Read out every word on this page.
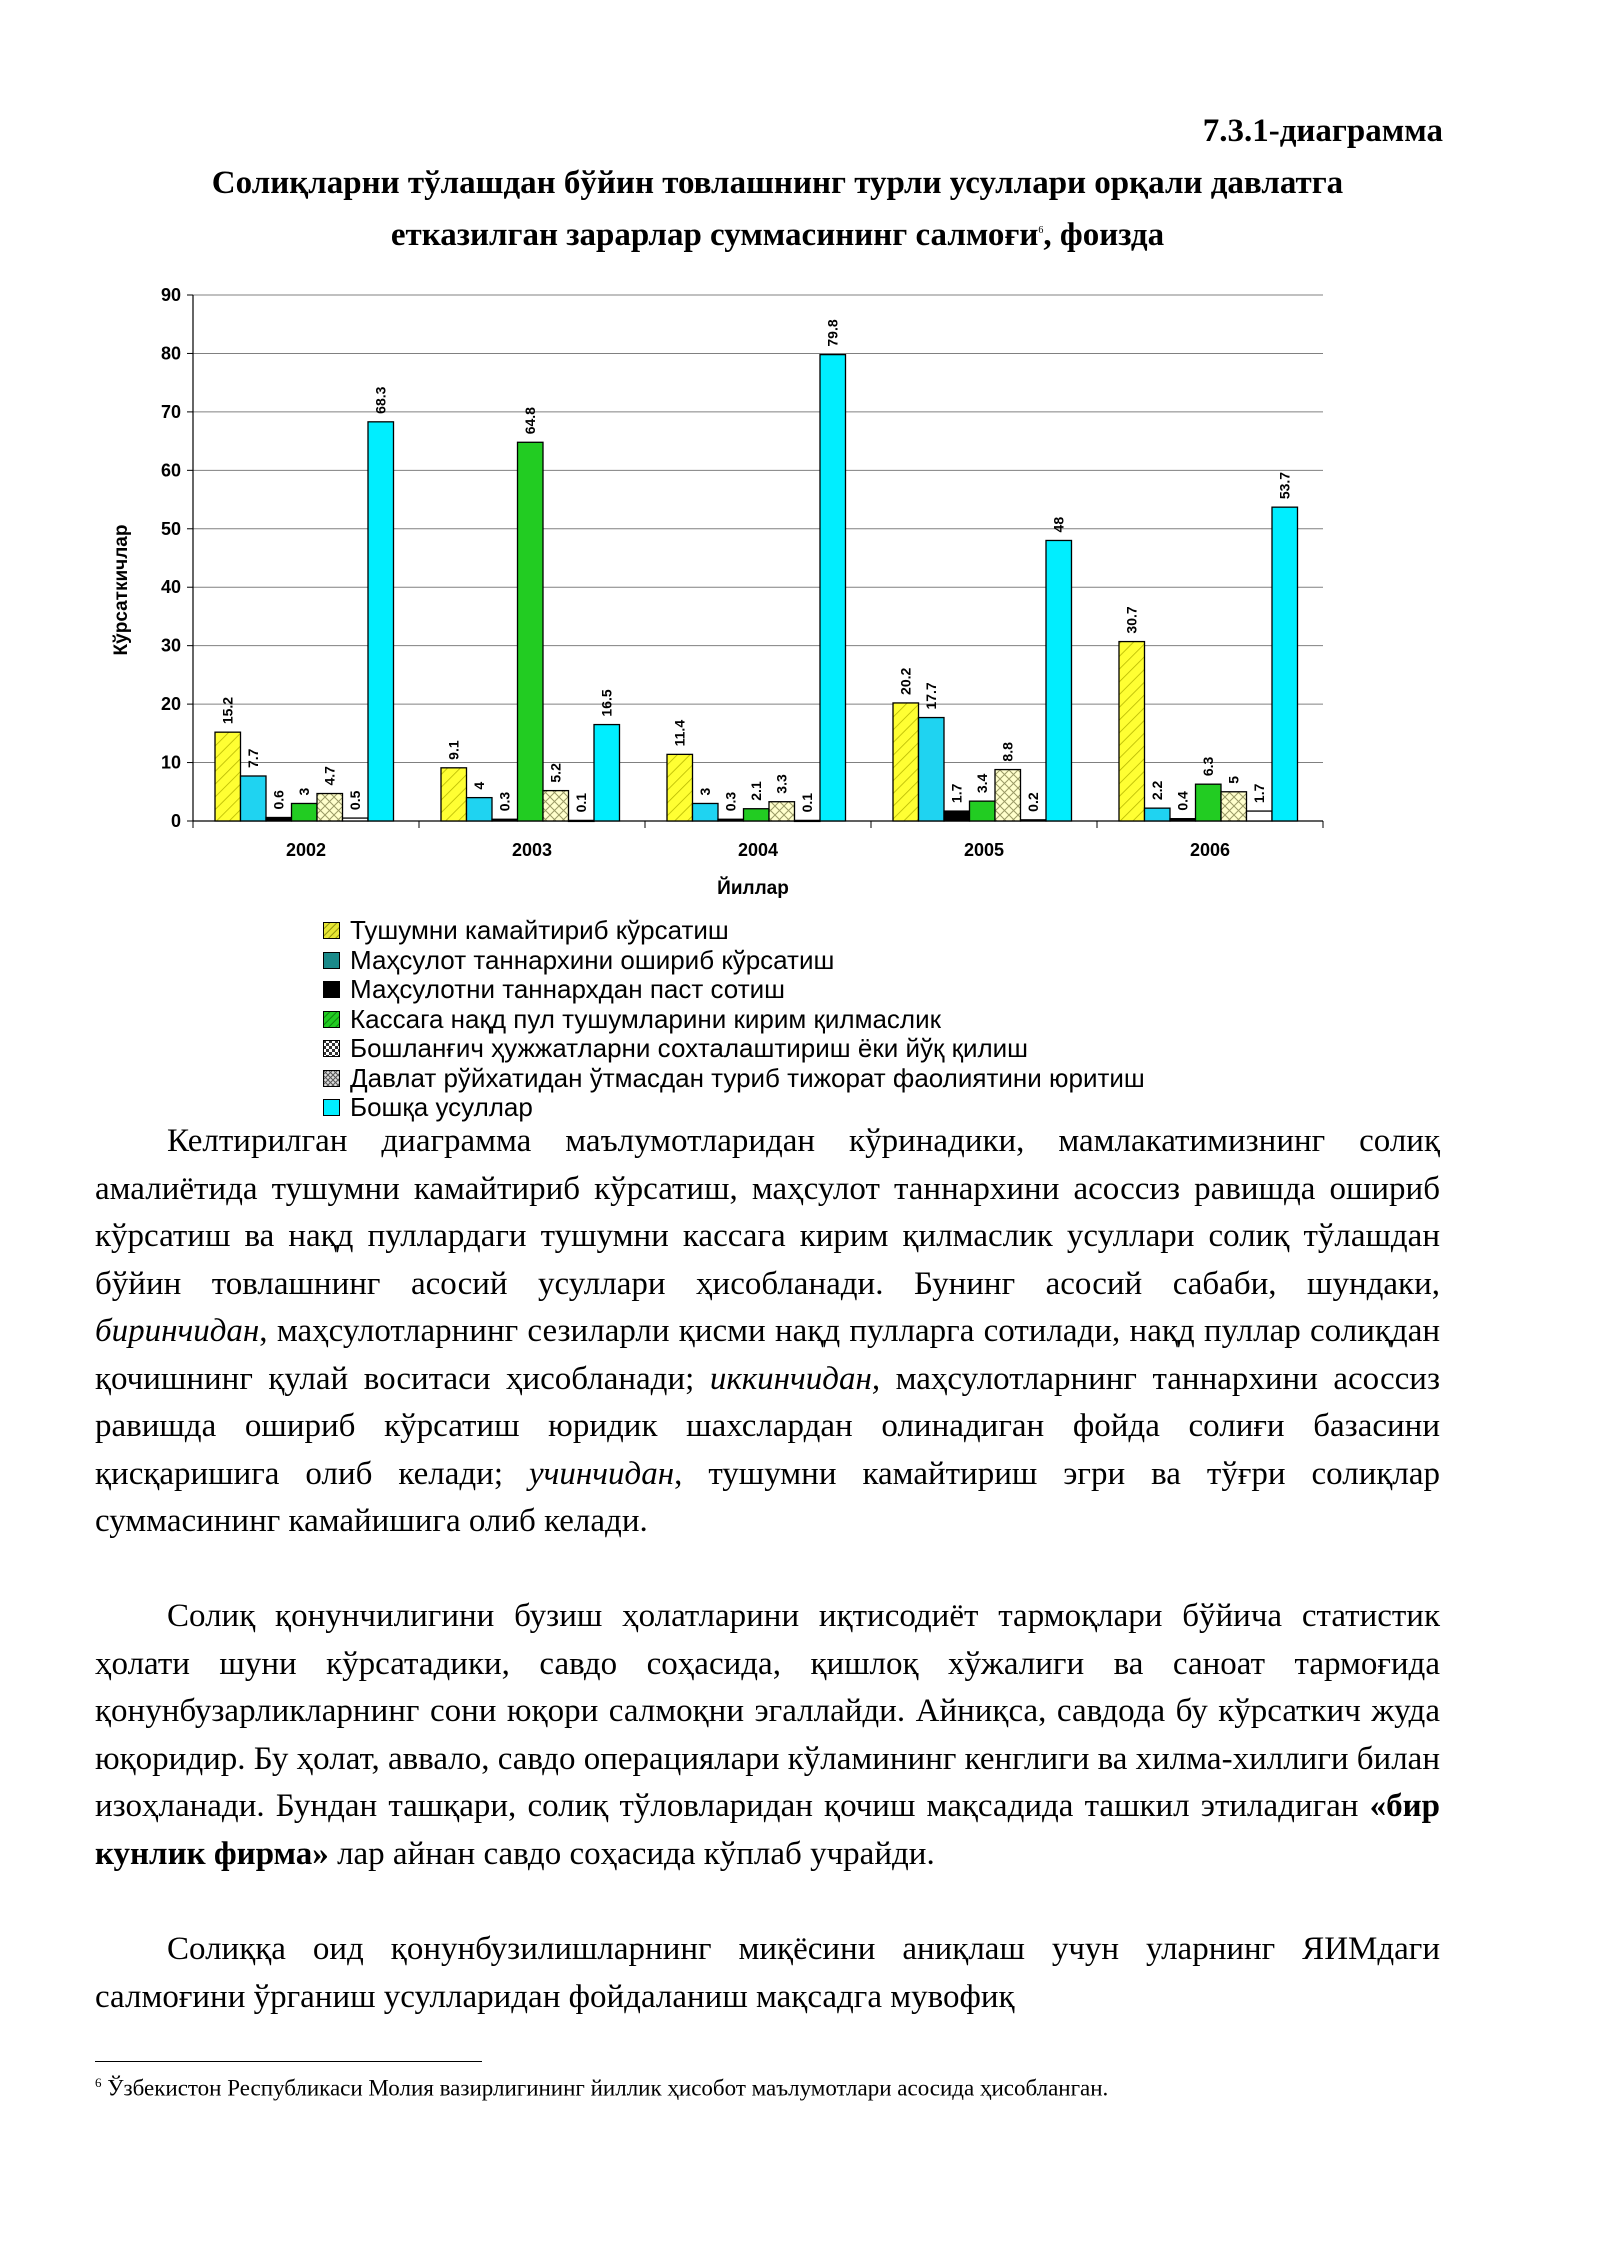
7.3.1-диаграмма
Солиқларни тўлашдан бўйин товлашнинг турли усуллари орқали давлатга
етказилган зарарлар суммасининг салмоғи$^6$, фоизда
0
10
20
30
40
50
60
70
80
90
2002	2003	2004	2005	2006
15.2
7.7
0.6 3
4.7
0.5
68.3
9.1
4
0.3
64.8
5.2
0.1
16.5
11.4
3
0.3
2.1 3.3
0.1
79.8
20.2
17.7
1.7
3.4
8.8
0.2
48
30.7
2.2
0.4
6.3
5
1.7
53.7
Кўрсаткичлар
Йиллар
Тушумни камайтириб кўрсатиш
Маҳсулот таннархини ошириб кўрсатиш
Маҳсулотни таннархдан паст сотиш
Кассага нақд пул тушумларини кирим қилмаслик
Бошланғич ҳужжатларни сохталаштириш ёки йўқ қилиш
Давлат рўйхатидан ўтмасдан туриб тижорат фаолиятини юритиш
Бошқа усуллар

Келтирилган диаграмма маълумотларидан кўринадики, мамлакатимизнинг солиқ амалиётида тушумни камайтириб кўрсатиш, маҳсулот таннархини асоссиз равишда ошириб кўрсатиш ва нақд пуллардаги тушумни кассага кирим қилмаслик усуллари солиқ тўлашдан бўйин товлашнинг асосий усуллари ҳисобланади. Бунинг асосий сабаби, шундаки, биринчидан, маҳсулотларнинг сезиларли қисми нақд пулларга сотилади, нақд пуллар солиқдан қочишнинг қулай воситаси ҳисобланади; иккинчидан, маҳсулотларнинг таннархини асоссиз равишда ошириб кўрсатиш юридик шахслардан олинадиган фойда солиғи базасини қисқаришига олиб келади; учинчидан, тушумни камайтириш эгри ва тўғри солиқлар суммасининг камайишига олиб келади.

Солиқ қонунчилигини бузиш ҳолатларини иқтисодиёт тармоқлари бўйича статистик ҳолати шуни кўрсатадики, савдо соҳасида, қишлоқ хўжалиги ва саноат тармоғида қонунбузарликларнинг сони юқори салмоқни эгаллайди. Айниқса, савдода бу кўрсаткич жуда юқоридир. Бу ҳолат, аввало, савдо операциялари кўламининг кенглиги ва хилма-хиллиги билан изоҳланади. Бундан ташқари, солиқ тўловларидан қочиш мақсадида ташкил этиладиган «бир кунлик фирма» лар айнан савдо соҳасида кўплаб учрайди.

Солиққа оид қонунбузилишларнинг миқёсини аниқлаш учун уларнинг ЯИМдаги салмоғини ўрганиш усулларидан фойдаланиш мақсадга мувофиқ

$^6$ Ўзбекистон Республикаси Молия вазирлигининг йиллик ҳисобот маълумотлари асосида ҳисобланган.
